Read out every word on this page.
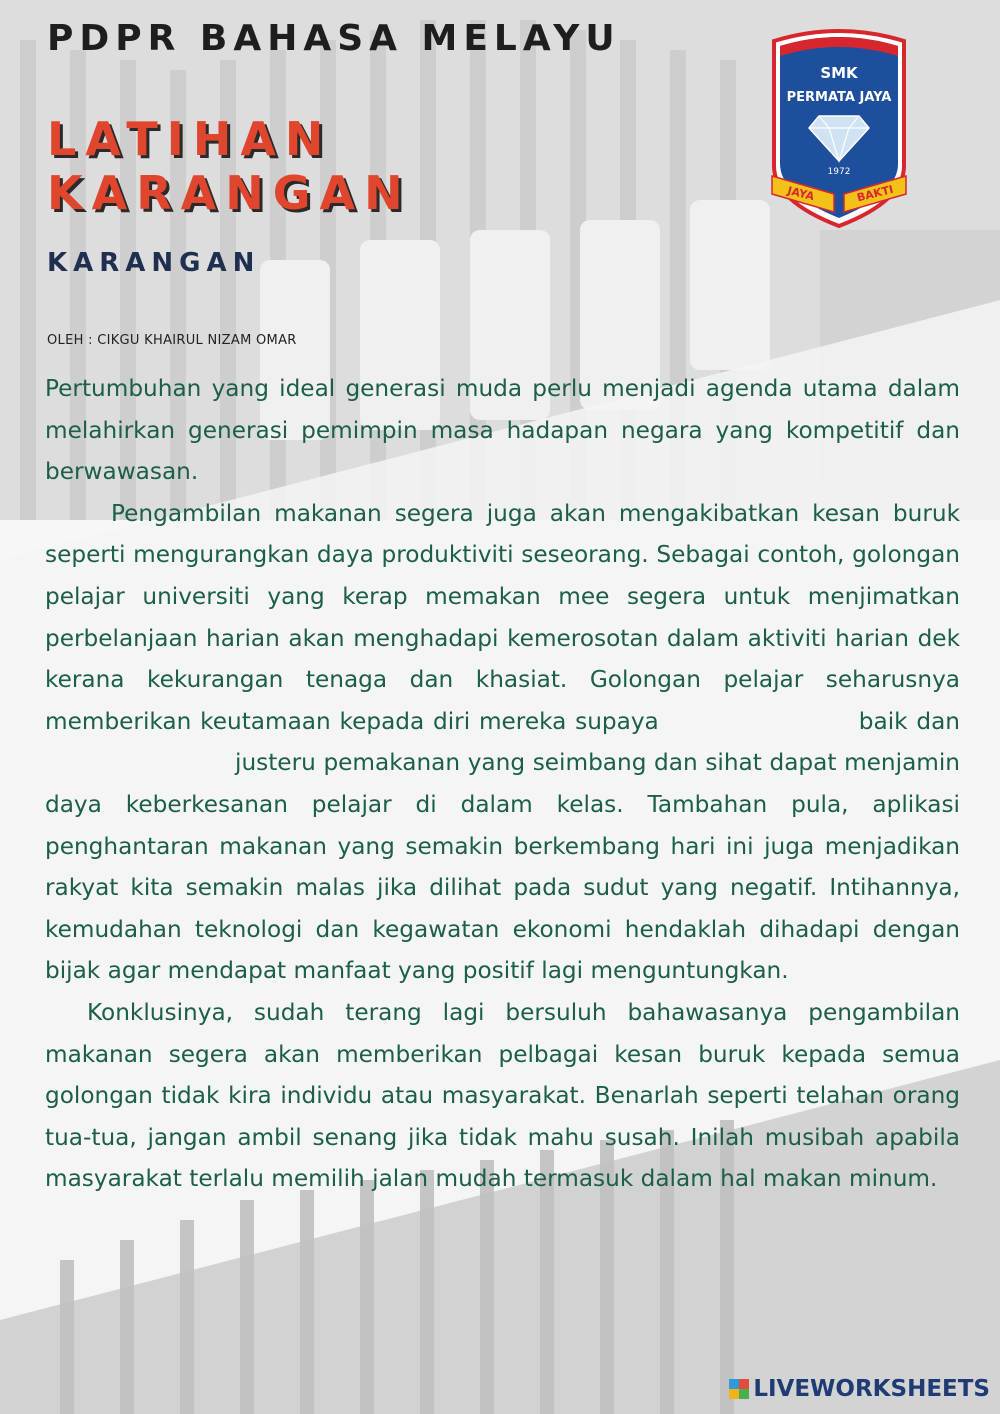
PDPR BAHASA MELAYU
LATIHAN
KARANGAN
KARANGAN
OLEH : CIKGU KHAIRUL NIZAM OMAR
SMK
PERMATA JAYA
1972
JAYA	BAKTI

Pertumbuhan yang ideal generasi muda perlu menjadi agenda utama dalam melahirkan generasi pemimpin masa hadapan negara yang kompetitif dan berwawasan.

Pengambilan makanan segera juga akan mengakibatkan kesan buruk seperti mengurangkan daya produktiviti seseorang. Sebagai contoh, golongan pelajar universiti yang kerap memakan mee segera untuk menjimatkan perbelanjaan harian akan menghadapi kemerosotan dalam aktiviti harian dek kerana kekurangan tenaga dan khasiat. Golongan pelajar seharusnya memberikan keutamaan kepada diri mereka supaya	baik danjusteru pemakanan yang seimbang dan sihat dapat menjamin daya keberkesanan pelajar di dalam kelas. Tambahan pula, aplikasi penghantaran makanan yang semakin berkembang hari ini juga menjadikan rakyat kita semakin malas jika dilihat pada sudut yang negatif. Intihannya, kemudahan teknologi dan kegawatan ekonomi hendaklah dihadapi dengan bijak agar mendapat manfaat yang positif lagi menguntungkan.

Konklusinya, sudah terang lagi bersuluh bahawasanya pengambilan makanan segera akan memberikan pelbagai kesan buruk kepada semua golongan tidak kira individu atau masyarakat. Benarlah seperti telahan orang tua-tua, jangan ambil senang jika tidak mahu susah. Inilah musibah apabila masyarakat terlalu memilih jalan mudah termasuk dalam hal makan minum.

LIVEWORKSHEETS
